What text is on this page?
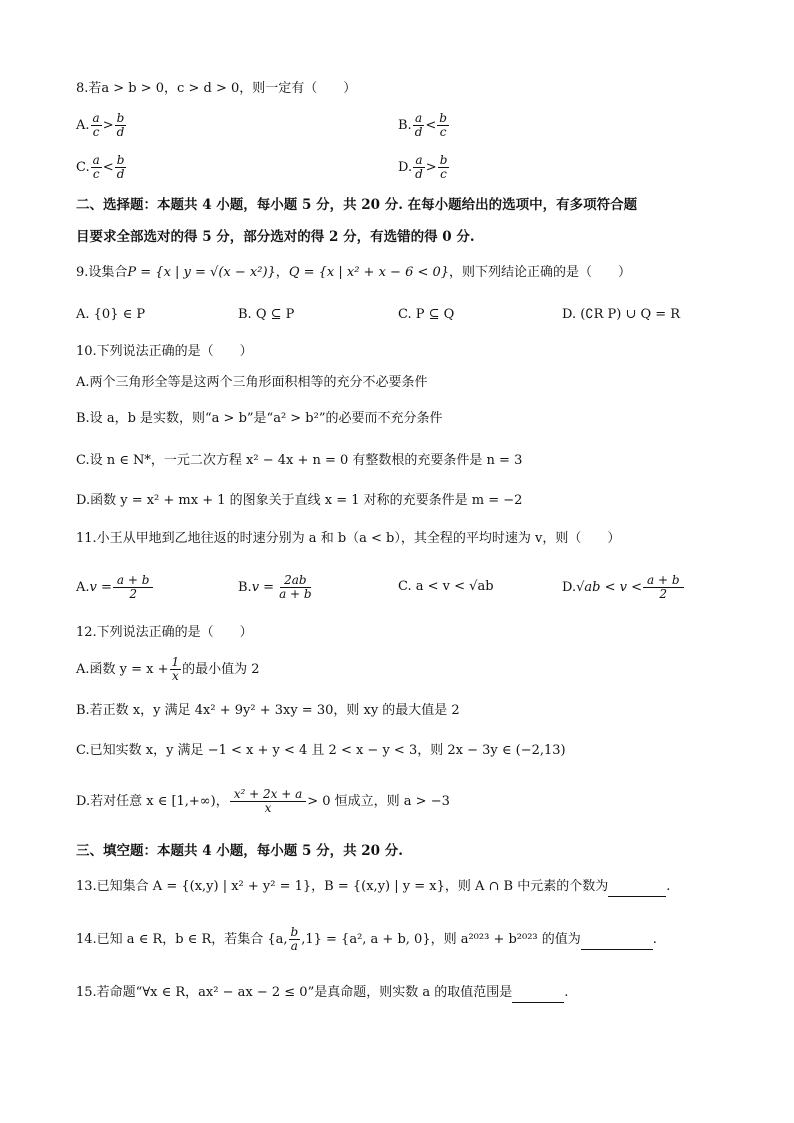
8.若a > b > 0，c > d > 0，则一定有（　　）
A. $\frac{a}{c} > \frac{b}{d}$	B. $\frac{a}{d} < \frac{b}{c}$
C. $\frac{a}{c} < \frac{b}{d}$	D. $\frac{a}{d} > \frac{b}{c}$
二、选择题：本题共 4 小题，每小题 5 分，共 20 分. 在每小题给出的选项中，有多项符合题
目要求全部选对的得 5 分，部分选对的得 2 分，有选错的得 0 分.
9.设集合P = {x | y = √(x − x²)}，Q = {x | x² + x − 6 < 0}，则下列结论正确的是（　　）
A. {0} ∈ P	B. Q ⊆ P	C. P ⊆ Q	D. (∁R P) ∪ Q = R
10.下列说法正确的是（　　）
A.两个三角形全等是这两个三角形面积相等的充分不必要条件
B.设 a，b 是实数，则“a > b”是“a² > b²”的必要而不充分条件
C.设 n ∈ N*，一元二次方程 x² − 4x + n = 0 有整数根的充要条件是 n = 3
D.函数 y = x² + mx + 1 的图象关于直线 x = 1 对称的充要条件是 m = −2
11.小王从甲地到乙地往返的时速分别为 a 和 b（a < b），其全程的平均时速为 v，则（　　）
$A.v = \frac{a + b}{2}$	$B.v = \frac{2ab}{a + b}$	C. a < v < √ab	$D.√ab < v < \frac{a + b}{2}$
12.下列说法正确的是（　　）
A.函数 $y = x + \frac{1}{x}$ 的最小值为 2
B.若正数 x，y 满足 4x² + 9y² + 3xy = 30，则 xy 的最大值是 2
C.已知实数 x，y 满足 −1 < x + y < 4 且 2 < x − y < 3，则 2x − 3y ∈ (−2,13)
D.若对任意 x ∈ [1,+∞)， $\frac{\text{x² + 2x + a}}{x} > 0$ 恒成立，则 a > −3
三、填空题：本题共 4 小题，每小题 5 分，共 20 分.
13.已知集合 A = {(x,y) | x² + y² = 1}，B = {(x,y) | y = x}，则 A ∩ B 中元素的个数为	.
14.已知 a ∈ R，b ∈ R，若集合 {a, $\frac{b}{a} ,1\} = \{a^2$, a + b, 0}，则 a²⁰²³ + b²⁰²³ 的值为	.
15.若命题“∀x ∈ R，ax² − ax − 2 ≤ 0”是真命题，则实数 a 的取值范围是	.
